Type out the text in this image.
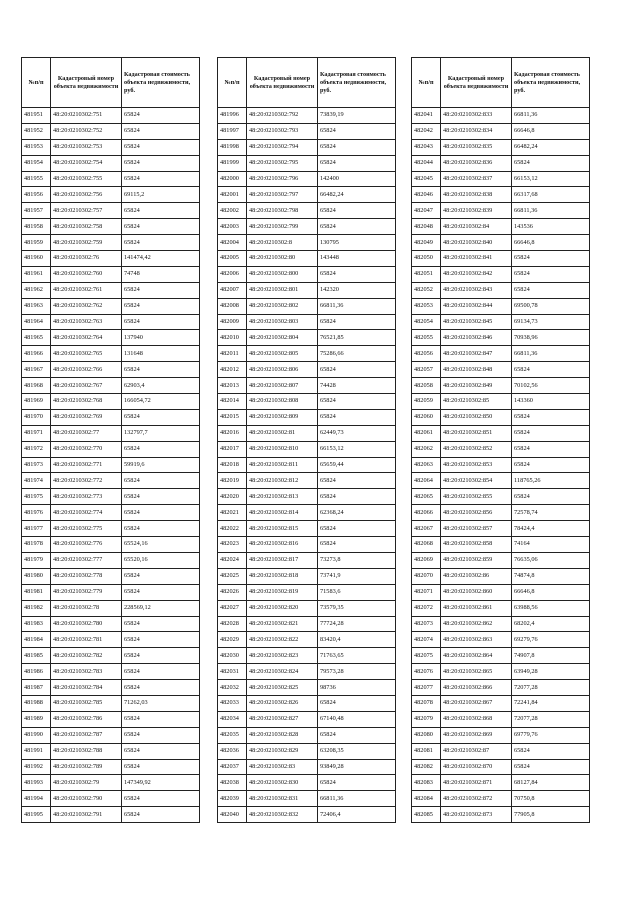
№п/п	Кадастровый номер объекта недвижимости	Кадастровая стоимость объекта недвижимости, руб.
481951	48:20:0210302:751	65824
481952	48:20:0210302:752	65824
481953	48:20:0210302:753	65824
481954	48:20:0210302:754	65824
481955	48:20:0210302:755	65824
481956	48:20:0210302:756	69115,2
481957	48:20:0210302:757	65824
481958	48:20:0210302:758	65824
481959	48:20:0210302:759	65824
481960	48:20:0210302:76	141474,42
481961	48:20:0210302:760	74748
481962	48:20:0210302:761	65824
481963	48:20:0210302:762	65824
481964	48:20:0210302:763	65824
481965	48:20:0210302:764	137940
481966	48:20:0210302:765	131648
481967	48:20:0210302:766	65824
481968	48:20:0210302:767	62903,4
481969	48:20:0210302:768	166054,72
481970	48:20:0210302:769	65824
481971	48:20:0210302:77	132797,7
481972	48:20:0210302:770	65824
481973	48:20:0210302:771	59919,6
481974	48:20:0210302:772	65824
481975	48:20:0210302:773	65824
481976	48:20:0210302:774	65824
481977	48:20:0210302:775	65824
481978	48:20:0210302:776	65524,16
481979	48:20:0210302:777	65520,16
481980	48:20:0210302:778	65824
481981	48:20:0210302:779	65824
481982	48:20:0210302:78	228569,12
481983	48:20:0210302:780	65824
481984	48:20:0210302:781	65824
481985	48:20:0210302:782	65824
481986	48:20:0210302:783	65824
481987	48:20:0210302:784	65824
481988	48:20:0210302:785	71262,03
481989	48:20:0210302:786	65824
481990	48:20:0210302:787	65824
481991	48:20:0210302:788	65824
481992	48:20:0210302:789	65824
481993	48:20:0210302:79	147349,92
481994	48:20:0210302:790	65824
481995	48:20:0210302:791	65824
№п/п	Кадастровый номер объекта недвижимости	Кадастровая стоимость объекта недвижимости, руб.
481996	48:20:0210302:792	73839,19
481997	48:20:0210302:793	65824
481998	48:20:0210302:794	65824
481999	48:20:0210302:795	65824
482000	48:20:0210302:796	142400
482001	48:20:0210302:797	66482,24
482002	48:20:0210302:798	65824
482003	48:20:0210302:799	65824
482004	48:20:0210302:8	130795
482005	48:20:0210302:80	143448
482006	48:20:0210302:800	65824
482007	48:20:0210302:801	142320
482008	48:20:0210302:802	66811,36
482009	48:20:0210302:803	65824
482010	48:20:0210302:804	76521,85
482011	48:20:0210302:805	75286,66
482012	48:20:0210302:806	65824
482013	48:20:0210302:807	74428
482014	48:20:0210302:808	65824
482015	48:20:0210302:809	65824
482016	48:20:0210302:81	62449,73
482017	48:20:0210302:810	66153,12
482018	48:20:0210302:811	65659,44
482019	48:20:0210302:812	65824
482020	48:20:0210302:813	65824
482021	48:20:0210302:814	62368,24
482022	48:20:0210302:815	65824
482023	48:20:0210302:816	65824
482024	48:20:0210302:817	73273,8
482025	48:20:0210302:818	73741,9
482026	48:20:0210302:819	71583,6
482027	48:20:0210302:820	73579,35
482028	48:20:0210302:821	77724,28
482029	48:20:0210302:822	83420,4
482030	48:20:0210302:823	71763,65
482031	48:20:0210302:824	79573,28
482032	48:20:0210302:825	98736
482033	48:20:0210302:826	65824
482034	48:20:0210302:827	67140,48
482035	48:20:0210302:828	65824
482036	48:20:0210302:829	63208,35
482037	48:20:0210302:83	93849,28
482038	48:20:0210302:830	65824
482039	48:20:0210302:831	66811,36
482040	48:20:0210302:832	72406,4
№п/п	Кадастровый номер объекта недвижимости	Кадастровая стоимость объекта недвижимости, руб.
482041	48:20:0210302:833	66811,36
482042	48:20:0210302:834	66646,8
482043	48:20:0210302:835	66482,24
482044	48:20:0210302:836	65824
482045	48:20:0210302:837	66153,12
482046	48:20:0210302:838	66317,68
482047	48:20:0210302:839	66811,36
482048	48:20:0210302:84	143536
482049	48:20:0210302:840	66646,8
482050	48:20:0210302:841	65824
482051	48:20:0210302:842	65824
482052	48:20:0210302:843	65824
482053	48:20:0210302:844	69500,78
482054	48:20:0210302:845	69134,73
482055	48:20:0210302:846	70938,96
482056	48:20:0210302:847	66811,36
482057	48:20:0210302:848	65824
482058	48:20:0210302:849	70102,56
482059	48:20:0210302:85	143360
482060	48:20:0210302:850	65824
482061	48:20:0210302:851	65824
482062	48:20:0210302:852	65824
482063	48:20:0210302:853	65824
482064	48:20:0210302:854	118765,26
482065	48:20:0210302:855	65824
482066	48:20:0210302:856	72578,74
482067	48:20:0210302:857	78424,4
482068	48:20:0210302:858	74164
482069	48:20:0210302:859	76635,06
482070	48:20:0210302:86	74874,8
482071	48:20:0210302:860	66646,8
482072	48:20:0210302:861	63988,56
482073	48:20:0210302:862	68202,4
482074	48:20:0210302:863	69279,76
482075	48:20:0210302:864	74907,8
482076	48:20:0210302:865	63949,28
482077	48:20:0210302:866	72077,28
482078	48:20:0210302:867	72241,84
482079	48:20:0210302:868	72077,28
482080	48:20:0210302:869	69779,76
482081	48:20:0210302:87	65824
482082	48:20:0210302:870	65824
482083	48:20:0210302:871	68127,84
482084	48:20:0210302:872	70750,8
482085	48:20:0210302:873	77905,8
